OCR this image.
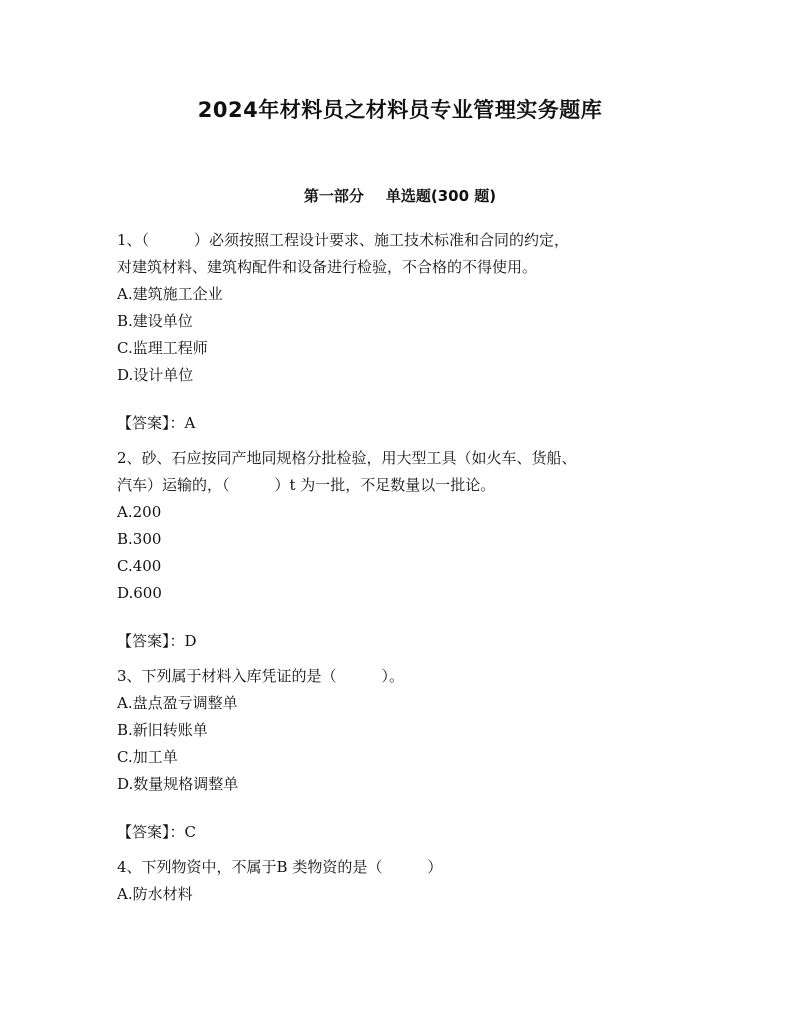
2024年材料员之材料员专业管理实务题库
第一部分 单选题(300 题)
1、（　　　）必须按照工程设计要求、施工技术标准和合同的约定，
对建筑材料、建筑构配件和设备进行检验，不合格的不得使用。
A.建筑施工企业
B.建设单位
C.监理工程师
D.设计单位
【答案】：A
2、砂、石应按同产地同规格分批检验，用大型工具（如火车、货船、
汽车）运输的，（　　　）t 为一批，不足数量以一批论。
A.200
B.300
C.400
D.600
【答案】：D
3、下列属于材料入库凭证的是（　　　）。
A.盘点盈亏调整单
B.新旧转账单
C.加工单
D.数量规格调整单
【答案】：C
4、下列物资中，不属于B 类物资的是（　　　）
A.防水材料
